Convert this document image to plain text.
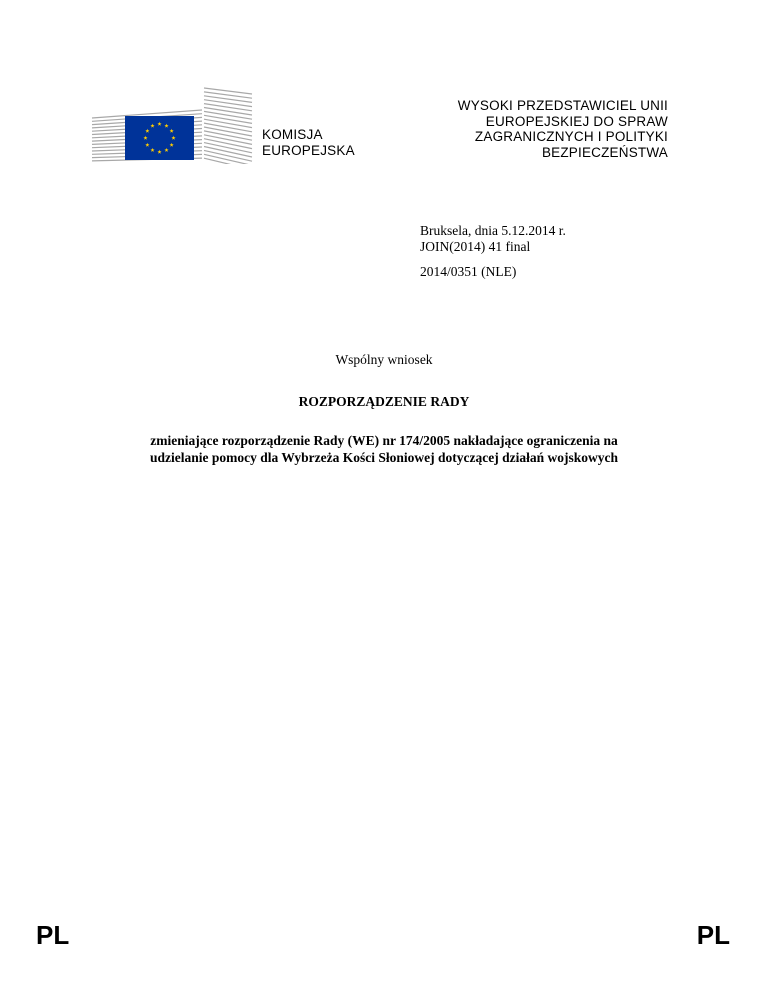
KOMISJA
EUROPEJSKA
WYSOKI PRZEDSTAWICIEL UNII
EUROPEJSKIEJ DO SPRAW
ZAGRANICZNYCH I POLITYKI
BEZPIECZEŃSTWA
Bruksela, dnia 5.12.2014 r.
JOIN(2014) 41 final
2014/0351 (NLE)
Wspólny wniosek
ROZPORZĄDZENIE RADY
zmieniające rozporządzenie Rady (WE) nr 174/2005 nakładające ograniczenia na
udzielanie pomocy dla Wybrzeża Kości Słoniowej dotyczącej działań wojskowych
PL	PL
